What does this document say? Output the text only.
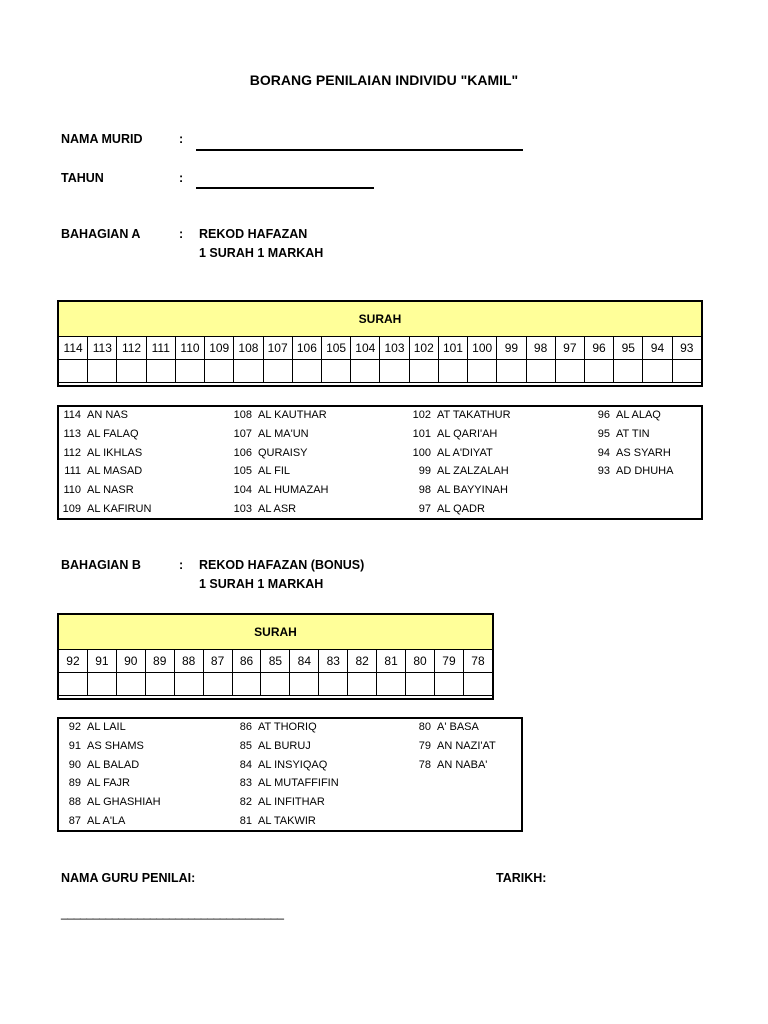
BORANG PENILAIAN INDIVIDU "KAMIL"
NAMA MURID	:
TAHUN	:
BAHAGIAN A	: REKOD HAFAZAN
1 SURAH 1 MARKAH
SURAH																					
114	113	112	111	110	109	108	107	106	105	104	103	102	101	100	99	98	97	96	95	94	93

114 AN NAS
113 AL FALAQ
112 AL IKHLAS
111 AL MASAD
110 AL NASR
109 AL KAFIRUN
108 AL KAUTHAR
107 AL MA'UN
106 QURAISY
105 AL FIL
104 AL HUMAZAH
103 AL ASR
102 AT TAKATHUR
101 AL QARI'AH
100 AL A'DIYAT
99 AL ZALZALAH
98 AL BAYYINAH
97 AL QADR
96 AL ALAQ
95 AT TIN
94 AS SYARH
93 AD DHUHA
BAHAGIAN B	: REKOD HAFAZAN (BONUS)
1 SURAH 1 MARKAH
SURAH														
92	91	90	89	88	87	86	85	84	83	82	81	80	79	78

92 AL LAIL
91 AS SHAMS
90 AL BALAD
89 AL FAJR
88 AL GHASHIAH
87 AL A'LA
86 AT THORIQ
85 AL BURUJ
84 AL INSYIQAQ
83 AL MUTAFFIFIN
82 AL INFITHAR
81 AL TAKWIR
80 A' BASA
79 AN NAZI'AT
78 AN NABA'
NAMA GURU PENILAI:	TARIKH:
___________________________________
